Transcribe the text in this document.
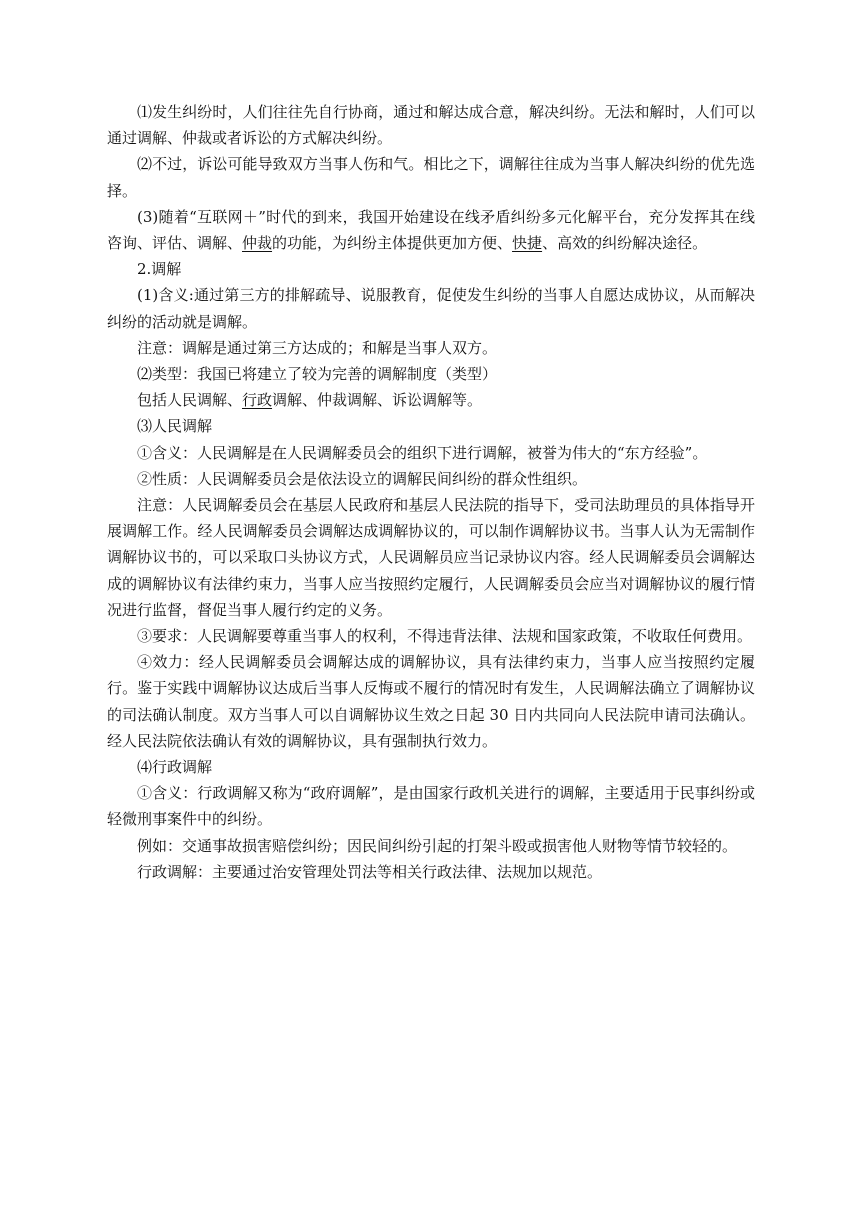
⑴发生纠纷时，人们往往先自行协商，通过和解达成合意，解决纠纷。无法和解时，人们可以通过调解、仲裁或者诉讼的方式解决纠纷。

⑵不过，诉讼可能导致双方当事人伤和气。相比之下，调解往往成为当事人解决纠纷的优先选择。

(3)随着“互联网＋”时代的到来，我国开始建设在线矛盾纠纷多元化解平台，充分发挥其在线咨询、评估、调解、仲裁的功能，为纠纷主体提供更加方便、快捷、高效的纠纷解决途径。

2.调解

(1)含义:通过第三方的排解疏导、说服教育，促使发生纠纷的当事人自愿达成协议，从而解决纠纷的活动就是调解。

注意：调解是通过第三方达成的；和解是当事人双方。

⑵类型：我国已将建立了较为完善的调解制度（类型）

包括人民调解、行政调解、仲裁调解、诉讼调解等。

⑶人民调解

①含义：人民调解是在人民调解委员会的组织下进行调解，被誉为伟大的“东方经验”。

②性质：人民调解委员会是依法设立的调解民间纠纷的群众性组织。

注意：人民调解委员会在基层人民政府和基层人民法院的指导下，受司法助理员的具体指导开展调解工作。经人民调解委员会调解达成调解协议的，可以制作调解协议书。当事人认为无需制作调解协议书的，可以采取口头协议方式，人民调解员应当记录协议内容。经人民调解委员会调解达成的调解协议有法律约束力，当事人应当按照约定履行，人民调解委员会应当对调解协议的履行情况进行监督，督促当事人履行约定的义务。

③要求：人民调解要尊重当事人的权利，不得违背法律、法规和国家政策，不收取任何费用。

④效力：经人民调解委员会调解达成的调解协议，具有法律约束力，当事人应当按照约定履行。鉴于实践中调解协议达成后当事人反悔或不履行的情况时有发生，人民调解法确立了调解协议的司法确认制度。双方当事人可以自调解协议生效之日起 30 日内共同向人民法院申请司法确认。经人民法院依法确认有效的调解协议，具有强制执行效力。

⑷行政调解

①含义：行政调解又称为“政府调解”，是由国家行政机关进行的调解，主要适用于民事纠纷或轻微刑事案件中的纠纷。

例如：交通事故损害赔偿纠纷；因民间纠纷引起的打架斗殴或损害他人财物等情节较轻的。

行政调解：主要通过治安管理处罚法等相关行政法律、法规加以规范。
